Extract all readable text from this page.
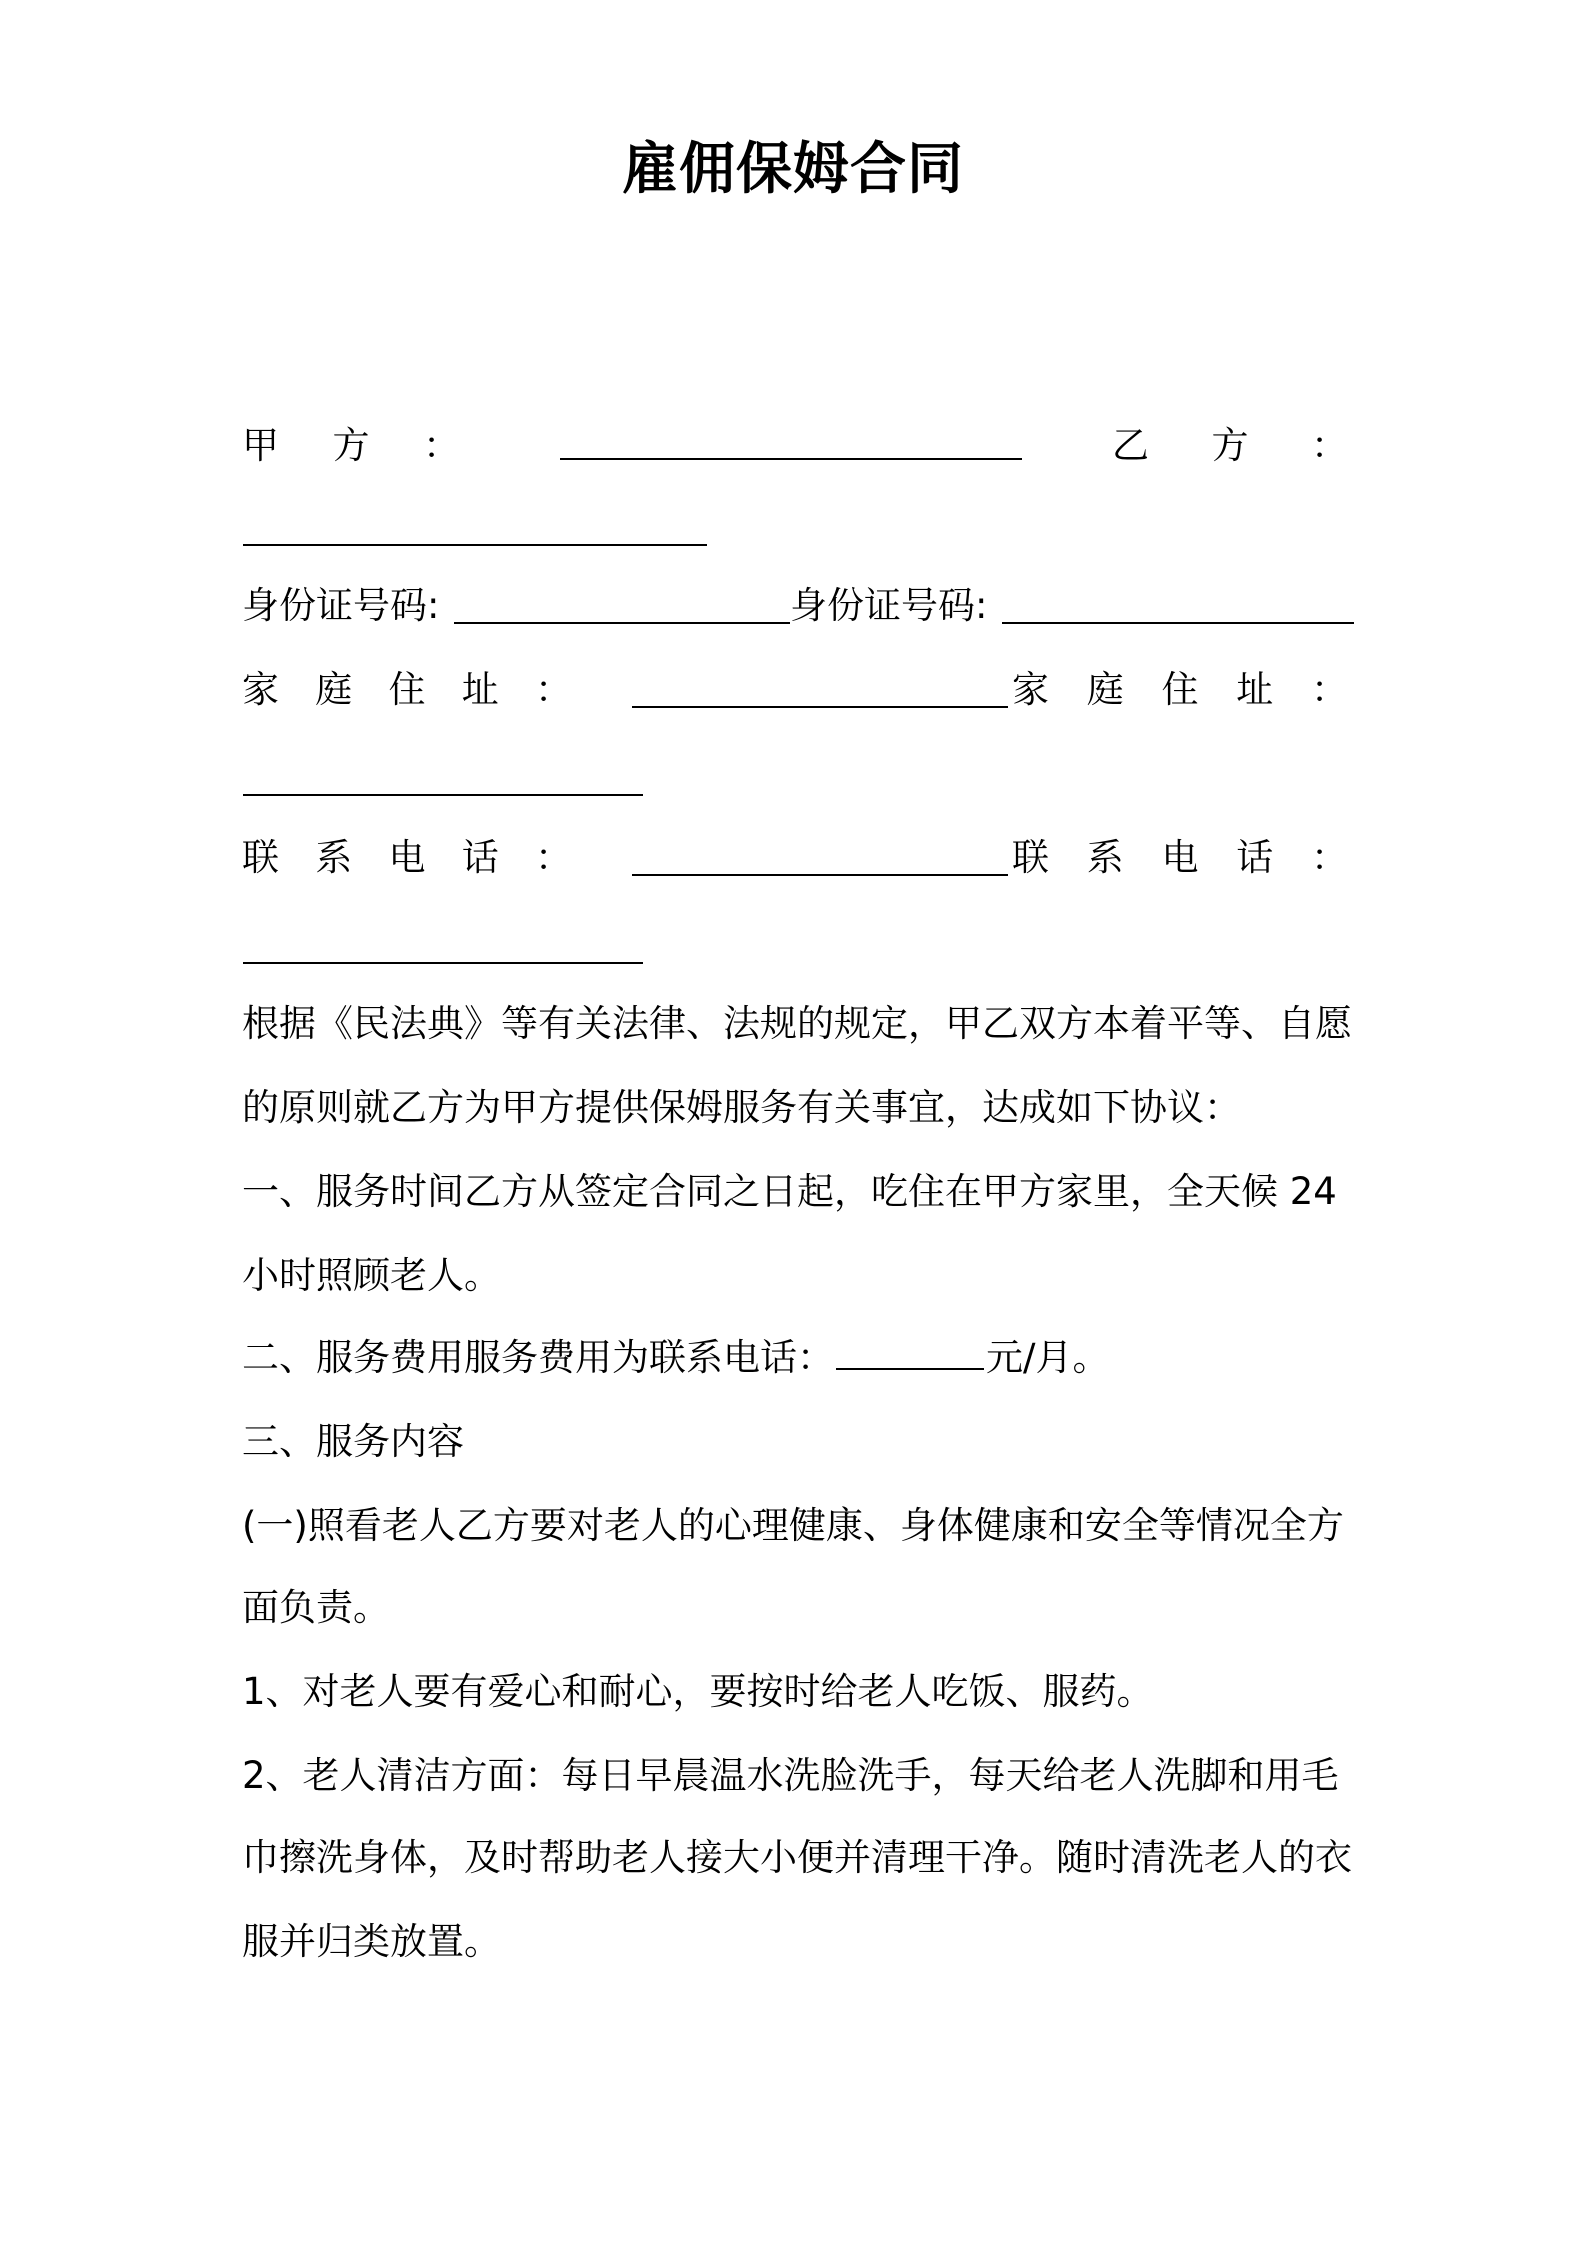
雇佣保姆合同
甲 方 ：	乙 方 ：
身份证号码:	身份证号码:
家 庭 住 址 ：	家 庭 住 址 ：
联 系 电 话 ：	联 系 电 话 ：
根据《民法典》等有关法律、法规的规定，甲乙双方本着平等、自愿
的原则就乙方为甲方提供保姆服务有关事宜，达成如下协议：
一、服务时间乙方从签定合同之日起，吃住在甲方家里，全天候 24
小时照顾老人。
二、服务费用服务费用为联系电话：	元/月。
三、服务内容
(一)照看老人乙方要对老人的心理健康、身体健康和安全等情况全方
面负责。
1、对老人要有爱心和耐心，要按时给老人吃饭、服药。
2、老人清洁方面：每日早晨温水洗脸洗手，每天给老人洗脚和用毛
巾擦洗身体，及时帮助老人接大小便并清理干净。随时清洗老人的衣
服并归类放置。
